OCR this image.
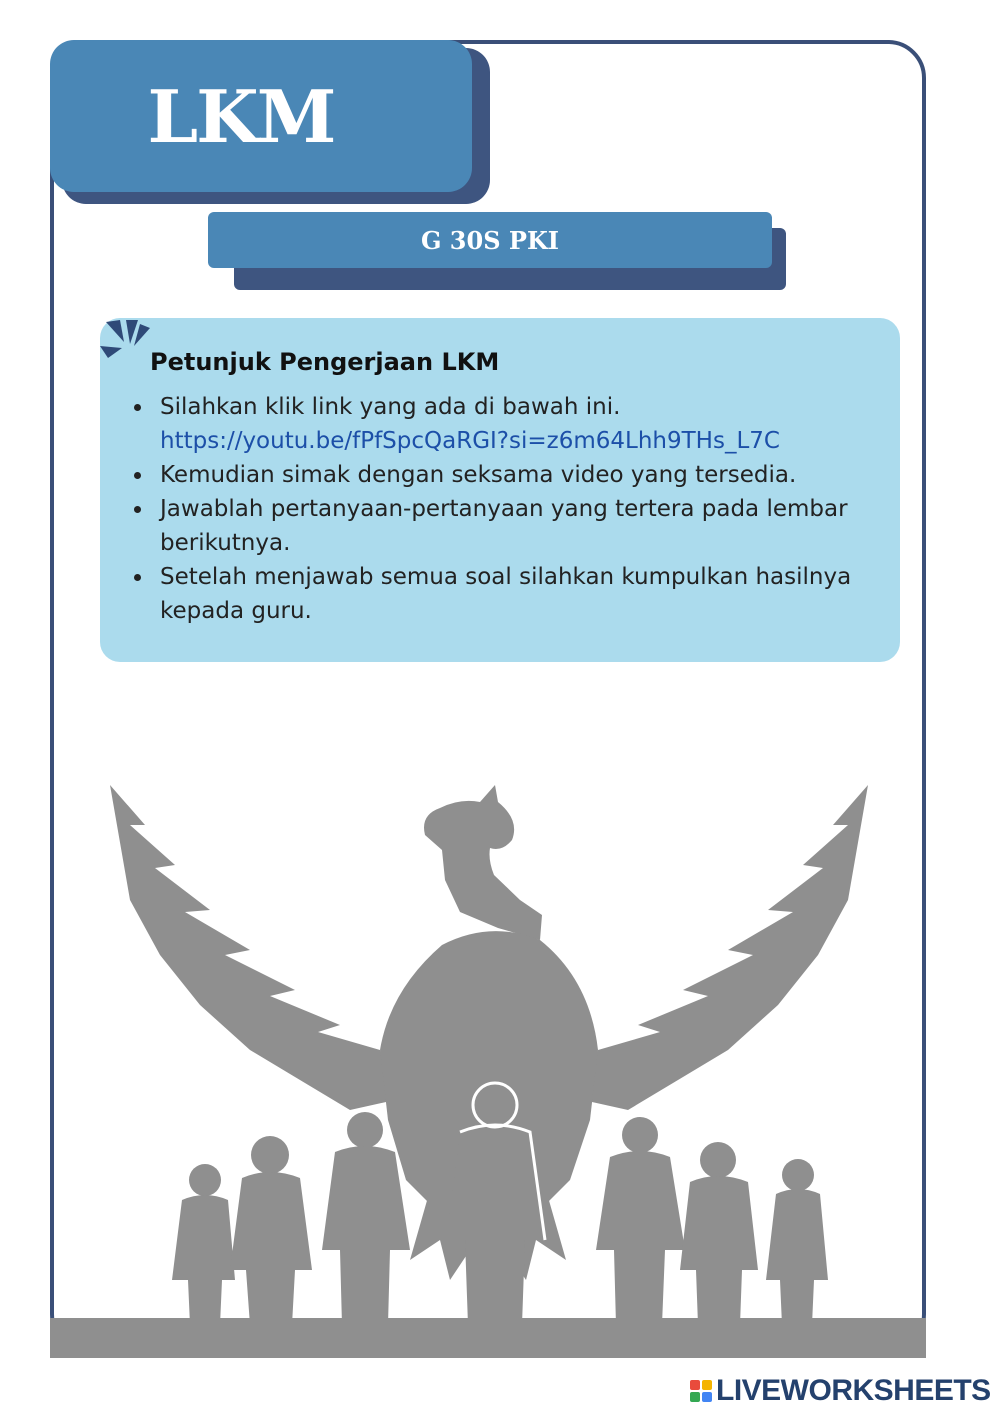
LKM
G 30S PKI
Petunjuk Pengerjaan LKM
Silahkan klik link yang ada di bawah ini.
https://youtu.be/fPfSpcQaRGI?si=z6m64Lhh9THs_L7C
Kemudian simak dengan seksama video yang tersedia.
Jawablah pertanyaan-pertanyaan yang tertera pada lembar berikutnya.
Setelah menjawab semua soal silahkan kumpulkan hasilnya kepada guru.
LIVEWORKSHEETS
